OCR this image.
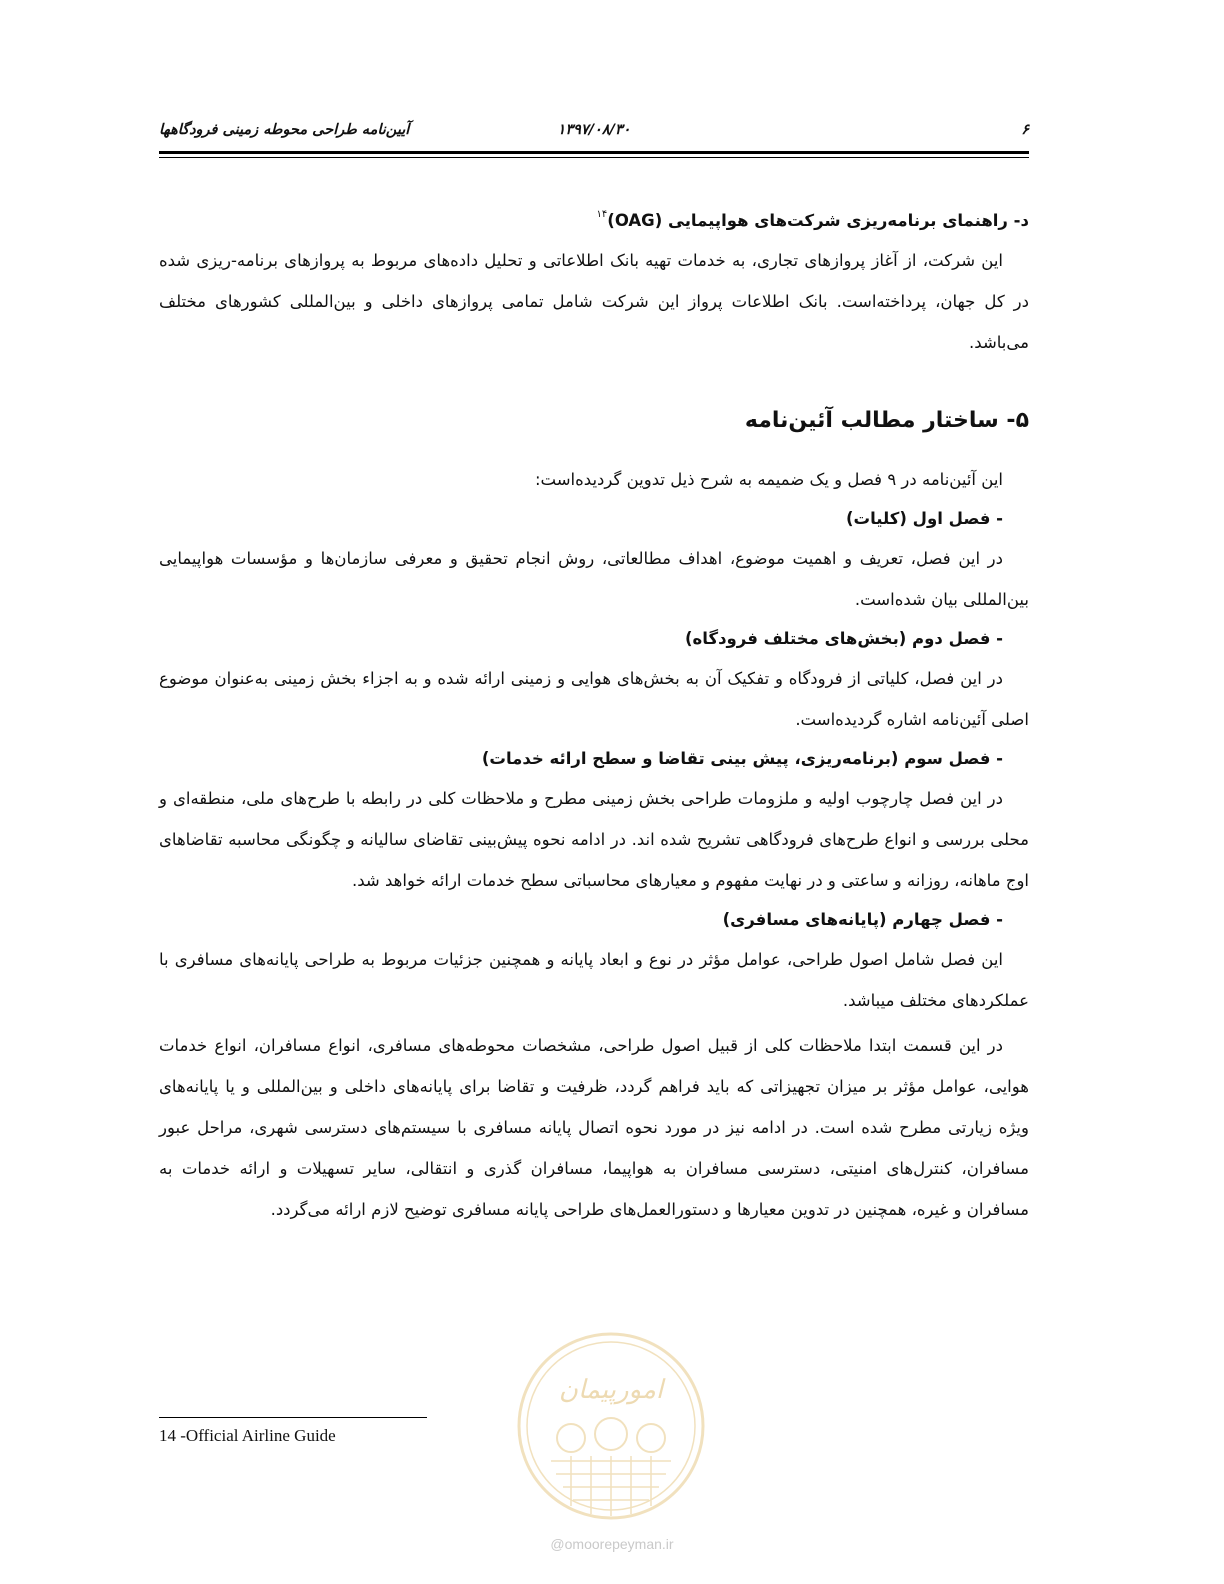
۶
۱۳۹۷/۰۸/۳۰
آیین‌نامه طراحی محوطه زمینی فرودگاهها

د- راهنمای برنامه‌ریزی شرکت‌های هواپیمایی (OAG)$^{۱۴}$

این شرکت، از آغاز پروازهای تجاری، به خدمات تهیه بانک اطلاعاتی و تحلیل داده‌های مربوط به پروازهای برنامه-ریزی شده در کل جهان، پرداخته‌است. بانک اطلاعات پرواز این شرکت شامل تمامی پروازهای داخلی و بین‌المللی کشورهای مختلف می‌باشد.

۵- ساختار مطالب آئین‌نامه

این آئین‌نامه در ۹ فصل و یک ضمیمه به شرح ذیل تدوین گردیده‌است:

- فصل اول (کلیات)

در این فصل، تعریف و اهمیت موضوع، اهداف مطالعاتی، روش انجام تحقیق و معرفی سازمان‌ها و مؤسسات هواپیمایی بین‌المللی بیان شده‌است.

- فصل دوم (بخش‌های مختلف فرودگاه)

در این فصل، کلیاتی از فرودگاه و تفکیک آن به بخش‌های هوایی و زمینی ارائه شده و به اجزاء بخش زمینی به‌عنوان موضوع اصلی آئین‌نامه اشاره گردیده‌است.

- فصل سوم (برنامه‌ریزی، پیش بینی تقاضا و سطح ارائه خدمات)

در این فصل چارچوب اولیه و ملزومات طراحی بخش زمینی مطرح و ملاحظات کلی در رابطه با طرح‌های ملی، منطقه‌ای و محلی بررسی و انواع طرح‌های فرودگاهی تشریح شده اند. در ادامه نحوه پیش‌بینی تقاضای سالیانه و چگونگی محاسبه تقاضاهای اوج ماهانه، روزانه و ساعتی و در نهایت مفهوم و معیارهای محاسباتی سطح خدمات ارائه خواهد شد.

- فصل چهارم (پایانه‌های مسافری)

این فصل شامل اصول طراحی، عوامل مؤثر در نوع و ابعاد پایانه و همچنین جزئیات مربوط به طراحی پایانه‌های مسافری با عملکردهای مختلف میباشد.

در این قسمت ابتدا ملاحظات کلی از قبیل اصول طراحی، مشخصات محوطه‌های مسافری، انواع مسافران، انواع خدمات هوایی، عوامل مؤثر بر میزان تجهیزاتی که باید فراهم گردد، ظرفیت و تقاضا برای پایانه‌های داخلی و بین‌المللی و یا پایانه‌های ویژه زیارتی مطرح شده است. در ادامه نیز در مورد نحوه اتصال پایانه مسافری با سیستم‌های دسترسی شهری، مراحل عبور مسافران، کنترل‌های امنیتی، دسترسی مسافران به هواپیما، مسافران گذری و انتقالی، سایر تسهیلات و ارائه خدمات به مسافران و غیره، همچنین در تدوین معیارها و دستورالعمل‌های طراحی پایانه مسافری توضیح لازم ارائه می‌گردد.

14 -Official Airline Guide
امورپیمان
@omoorepeyman.ir
